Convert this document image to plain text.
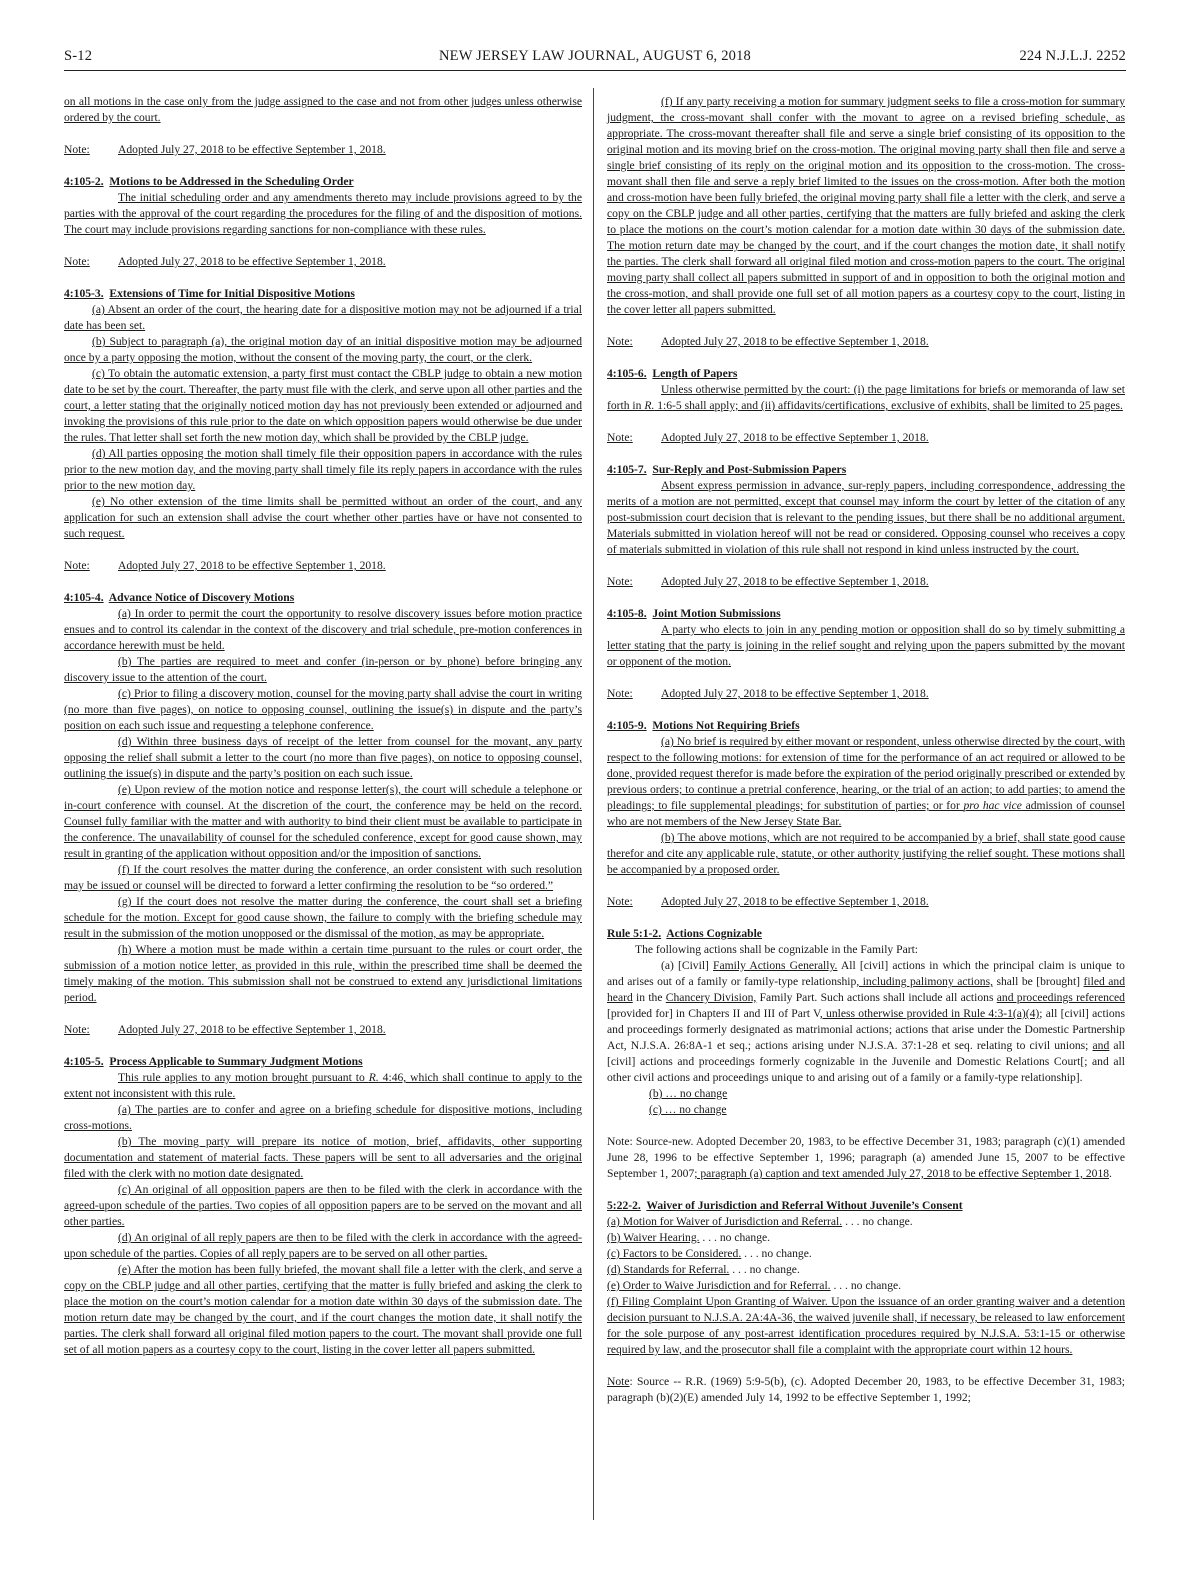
S-12	NEW JERSEY LAW JOURNAL, AUGUST 6, 2018	224 N.J.L.J. 2252

on all motions in the case only from the judge assigned to the case and not from other judges unless otherwise ordered by the court.

Note: Adopted July 27, 2018 to be effective September 1, 2018.

4:105-2. Motions to be Addressed in the Scheduling Order

The initial scheduling order and any amendments thereto may include provisions agreed to by the parties with the approval of the court regarding the procedures for the filing of and the disposition of motions. The court may include provisions regarding sanctions for non-compliance with these rules.

Note: Adopted July 27, 2018 to be effective September 1, 2018.

4:105-3. Extensions of Time for Initial Dispositive Motions

(a) Absent an order of the court, the hearing date for a dispositive motion may not be adjourned if a trial date has been set.

(b) Subject to paragraph (a), the original motion day of an initial dispositive motion may be adjourned once by a party opposing the motion, without the consent of the moving party, the court, or the clerk.

(c) To obtain the automatic extension, a party first must contact the CBLP judge to obtain a new motion date to be set by the court. Thereafter, the party must file with the clerk, and serve upon all other parties and the court, a letter stating that the originally noticed motion day has not previously been extended or adjourned and invoking the provisions of this rule prior to the date on which opposition papers would otherwise be due under the rules. That letter shall set forth the new motion day, which shall be provided by the CBLP judge.

(d) All parties opposing the motion shall timely file their opposition papers in accordance with the rules prior to the new motion day, and the moving party shall timely file its reply papers in accordance with the rules prior to the new motion day.

(e) No other extension of the time limits shall be permitted without an order of the court, and any application for such an extension shall advise the court whether other parties have or have not consented to such request.

Note: Adopted July 27, 2018 to be effective September 1, 2018.

4:105-4. Advance Notice of Discovery Motions

(a) In order to permit the court the opportunity to resolve discovery issues before motion practice ensues and to control its calendar in the context of the discovery and trial schedule, pre-motion conferences in accordance herewith must be held.

(b) The parties are required to meet and confer (in-person or by phone) before bringing any discovery issue to the attention of the court.

(c) Prior to filing a discovery motion, counsel for the moving party shall advise the court in writing (no more than five pages), on notice to opposing counsel, outlining the issue(s) in dispute and the party’s position on each such issue and requesting a telephone conference.

(d) Within three business days of receipt of the letter from counsel for the movant, any party opposing the relief shall submit a letter to the court (no more than five pages), on notice to opposing counsel, outlining the issue(s) in dispute and the party’s position on each such issue.

(e) Upon review of the motion notice and response letter(s), the court will schedule a telephone or in-court conference with counsel. At the discretion of the court, the conference may be held on the record. Counsel fully familiar with the matter and with authority to bind their client must be available to participate in the conference. The unavailability of counsel for the scheduled conference, except for good cause shown, may result in granting of the application without opposition and/or the imposition of sanctions.

(f) If the court resolves the matter during the conference, an order consistent with such resolution may be issued or counsel will be directed to forward a letter confirming the resolution to be “so ordered.”

(g) If the court does not resolve the matter during the conference, the court shall set a briefing schedule for the motion. Except for good cause shown, the failure to comply with the briefing schedule may result in the submission of the motion unopposed or the dismissal of the motion, as may be appropriate.

(h) Where a motion must be made within a certain time pursuant to the rules or court order, the submission of a motion notice letter, as provided in this rule, within the prescribed time shall be deemed the timely making of the motion. This submission shall not be construed to extend any jurisdictional limitations period.

Note: Adopted July 27, 2018 to be effective September 1, 2018.

4:105-5. Process Applicable to Summary Judgment Motions

This rule applies to any motion brought pursuant to R. 4:46, which shall continue to apply to the extent not inconsistent with this rule.

(a) The parties are to confer and agree on a briefing schedule for dispositive motions, including cross-motions.

(b) The moving party will prepare its notice of motion, brief, affidavits, other supporting documentation and statement of material facts. These papers will be sent to all adversaries and the original filed with the clerk with no motion date designated.

(c) An original of all opposition papers are then to be filed with the clerk in accordance with the agreed-upon schedule of the parties. Two copies of all opposition papers are to be served on the movant and all other parties.

(d) An original of all reply papers are then to be filed with the clerk in accordance with the agreed-upon schedule of the parties. Copies of all reply papers are to be served on all other parties.

(e) After the motion has been fully briefed, the movant shall file a letter with the clerk, and serve a copy on the CBLP judge and all other parties, certifying that the matter is fully briefed and asking the clerk to place the motion on the court’s motion calendar for a motion date within 30 days of the submission date. The motion return date may be changed by the court, and if the court changes the motion date, it shall notify the parties. The clerk shall forward all original filed motion papers to the court. The movant shall provide one full set of all motion papers as a courtesy copy to the court, listing in the cover letter all papers submitted.

(f) If any party receiving a motion for summary judgment seeks to file a cross-motion for summary judgment, the cross-movant shall confer with the movant to agree on a revised briefing schedule, as appropriate. The cross-movant thereafter shall file and serve a single brief consisting of its opposition to the original motion and its moving brief on the cross-motion. The original moving party shall then file and serve a single brief consisting of its reply on the original motion and its opposition to the cross-motion. The cross-movant shall then file and serve a reply brief limited to the issues on the cross-motion. After both the motion and cross-motion have been fully briefed, the original moving party shall file a letter with the clerk, and serve a copy on the CBLP judge and all other parties, certifying that the matters are fully briefed and asking the clerk to place the motions on the court’s motion calendar for a motion date within 30 days of the submission date. The motion return date may be changed by the court, and if the court changes the motion date, it shall notify the parties. The clerk shall forward all original filed motion and cross-motion papers to the court. The original moving party shall collect all papers submitted in support of and in opposition to both the original motion and the cross-motion, and shall provide one full set of all motion papers as a courtesy copy to the court, listing in the cover letter all papers submitted.

Note: Adopted July 27, 2018 to be effective September 1, 2018.

4:105-6. Length of Papers

Unless otherwise permitted by the court: (i) the page limitations for briefs or memoranda of law set forth in R. 1:6-5 shall apply; and (ii) affidavits/certifications, exclusive of exhibits, shall be limited to 25 pages.

Note: Adopted July 27, 2018 to be effective September 1, 2018.

4:105-7. Sur-Reply and Post-Submission Papers

Absent express permission in advance, sur-reply papers, including correspondence, addressing the merits of a motion are not permitted, except that counsel may inform the court by letter of the citation of any post-submission court decision that is relevant to the pending issues, but there shall be no additional argument. Materials submitted in violation hereof will not be read or considered. Opposing counsel who receives a copy of materials submitted in violation of this rule shall not respond in kind unless instructed by the court.

Note: Adopted July 27, 2018 to be effective September 1, 2018.

4:105-8. Joint Motion Submissions

A party who elects to join in any pending motion or opposition shall do so by timely submitting a letter stating that the party is joining in the relief sought and relying upon the papers submitted by the movant or opponent of the motion.

Note: Adopted July 27, 2018 to be effective September 1, 2018.

4:105-9. Motions Not Requiring Briefs

(a) No brief is required by either movant or respondent, unless otherwise directed by the court, with respect to the following motions: for extension of time for the performance of an act required or allowed to be done, provided request therefor is made before the expiration of the period originally prescribed or extended by previous orders; to continue a pretrial conference, hearing, or the trial of an action; to add parties; to amend the pleadings; to file supplemental pleadings; for substitution of parties; or for pro hac vice admission of counsel who are not members of the New Jersey State Bar.

(b) The above motions, which are not required to be accompanied by a brief, shall state good cause therefor and cite any applicable rule, statute, or other authority justifying the relief sought. These motions shall be accompanied by a proposed order.

Note: Adopted July 27, 2018 to be effective September 1, 2018.

Rule 5:1-2. Actions Cognizable

The following actions shall be cognizable in the Family Part:

(a) [Civil] Family Actions Generally. All [civil] actions in which the principal claim is unique to and arises out of a family or family-type relationship, including palimony actions, shall be [brought] filed and heard in the Chancery Division, Family Part. Such actions shall include all actions and proceedings referenced [provided for] in Chapters II and III of Part V, unless otherwise provided in Rule 4:3-1(a)(4); all [civil] actions and proceedings formerly designated as matrimonial actions; actions that arise under the Domestic Partnership Act, N.J.S.A. 26:8A-1 et seq.; actions arising under N.J.S.A. 37:1-28 et seq. relating to civil unions; and all [civil] actions and proceedings formerly cognizable in the Juvenile and Domestic Relations Court[; and all other civil actions and proceedings unique to and arising out of a family or a family-type relationship].

(b) … no change

(c) … no change

Note: Source-new. Adopted December 20, 1983, to be effective December 31, 1983; paragraph (c)(1) amended June 28, 1996 to be effective September 1, 1996; paragraph (a) amended June 15, 2007 to be effective September 1, 2007; paragraph (a) caption and text amended July 27, 2018 to be effective September 1, 2018.

5:22-2. Waiver of Jurisdiction and Referral Without Juvenile’s Consent

(a) Motion for Waiver of Jurisdiction and Referral. . . . no change.

(b) Waiver Hearing. . . . no change.

(c) Factors to be Considered. . . . no change.

(d) Standards for Referral. . . . no change.

(e) Order to Waive Jurisdiction and for Referral. . . . no change.

(f) Filing Complaint Upon Granting of Waiver. Upon the issuance of an order granting waiver and a detention decision pursuant to N.J.S.A. 2A:4A-36, the waived juvenile shall, if necessary, be released to law enforcement for the sole purpose of any post-arrest identification procedures required by N.J.S.A. 53:1-15 or otherwise required by law, and the prosecutor shall file a complaint with the appropriate court within 12 hours.

Note: Source -- R.R. (1969) 5:9-5(b), (c). Adopted December 20, 1983, to be effective December 31, 1983; paragraph (b)(2)(E) amended July 14, 1992 to be effective September 1, 1992;
